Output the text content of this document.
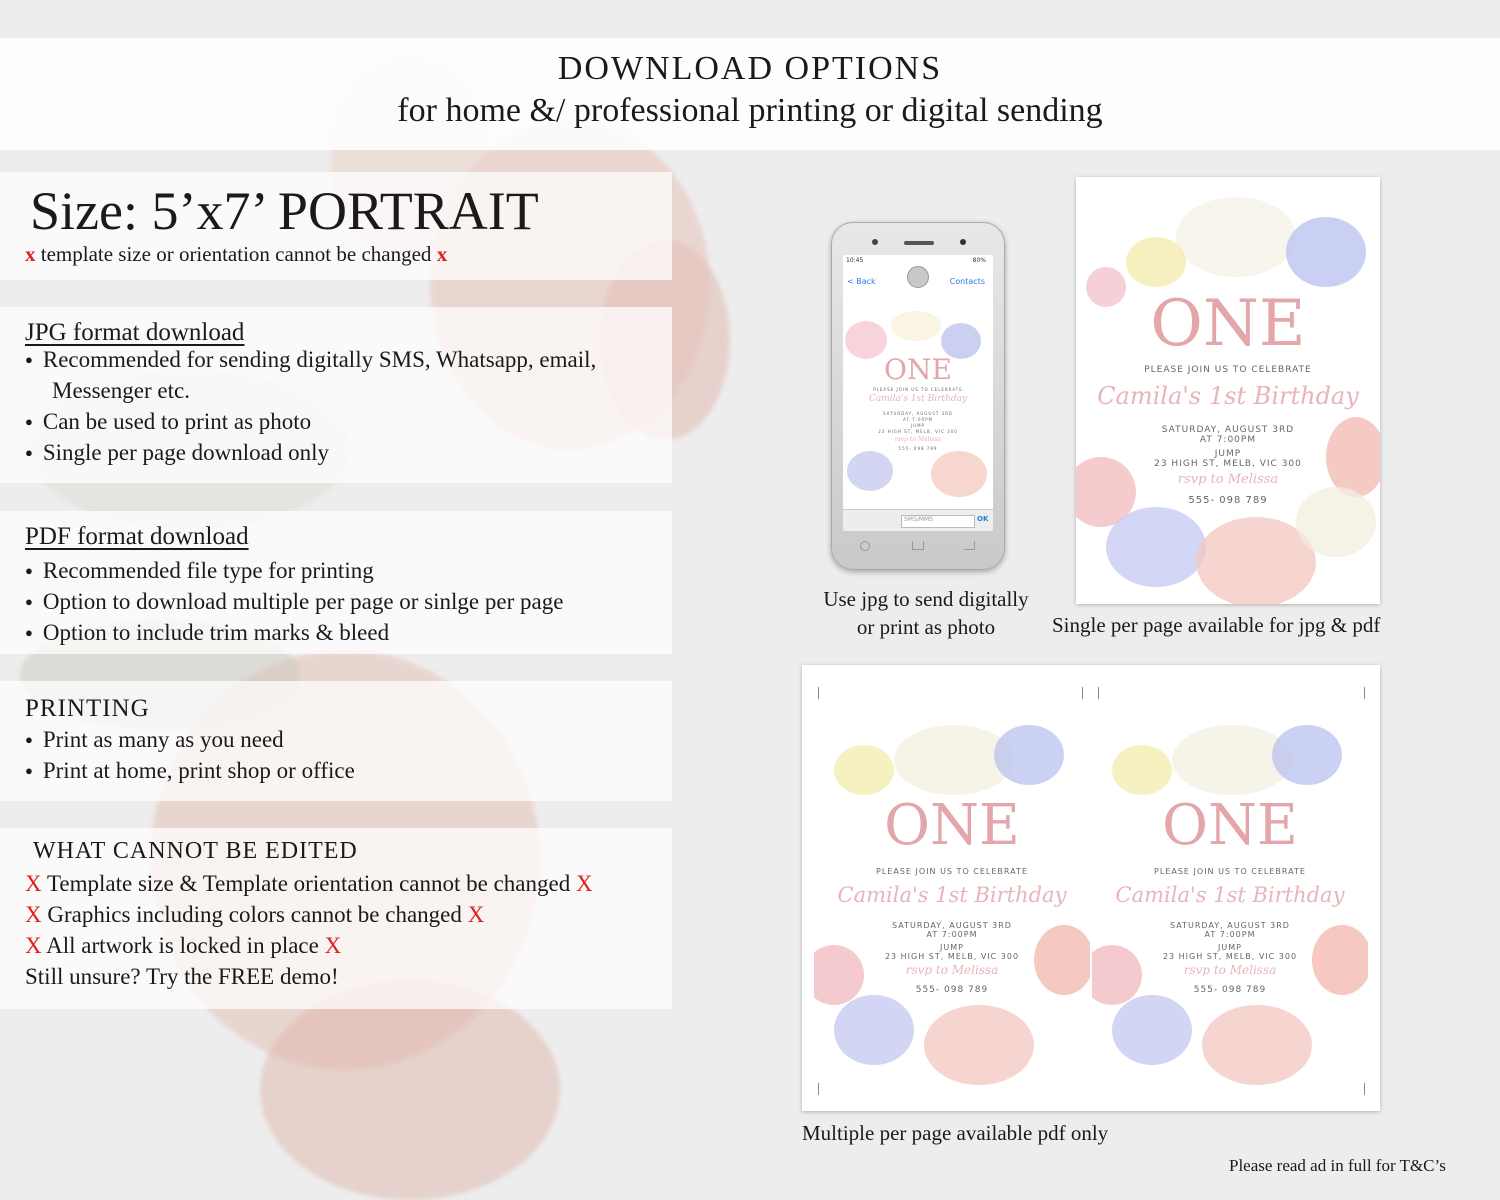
DOWNLOAD OPTIONS
for home &/ professional printing or digital sending
Size: 5’x7’ PORTRAIT
x template size or orientation cannot be changed x
JPG format download
● Recommended for sending digitally SMS, Whatsapp, email,
Messenger etc.
● Can be used to print as photo
● Single per page download only
PDF format download
● Recommended file type for printing
● Option to download multiple per page or sinlge per page
● Option to include trim marks & bleed
PRINTING
● Print as many as you need
● Print at home, print shop or office
WHAT CANNOT BE EDITED
X Template size & Template orientation cannot be changed X
X Graphics including colors cannot be changed X
X All artwork is locked in place X
Still unsure? Try the FREE demo!
10:45	80%
< Back	Contacts
ONE
PLEASE JOIN US TO CELEBRATE
Camila's 1st Birthday
SATURDAY, AUGUST 3RD
AT 7:00PM
JUMP
23 HIGH ST, MELB, VIC 300
rsvp to Melissa
555- 098 789
SMS/MMS	OK
ONE
PLEASE JOIN US TO CELEBRATE
Camila's 1st Birthday
SATURDAY, AUGUST 3RD
AT 7:00PM
JUMP
23 HIGH ST, MELB, VIC 300
rsvp to Melissa
555- 098 789
ONE
PLEASE JOIN US TO CELEBRATE
Camila's 1st Birthday
SATURDAY, AUGUST 3RD
AT 7:00PM
JUMP
23 HIGH ST, MELB, VIC 300
rsvp to Melissa
555- 098 789
ONE
PLEASE JOIN US TO CELEBRATE
Camila's 1st Birthday
SATURDAY, AUGUST 3RD
AT 7:00PM
JUMP
23 HIGH ST, MELB, VIC 300
rsvp to Melissa
555- 098 789
Use jpg to send digitally
or print as photo	Single per page available for jpg & pdf
Multiple per page available pdf only
Please read ad in full for T&C’s
